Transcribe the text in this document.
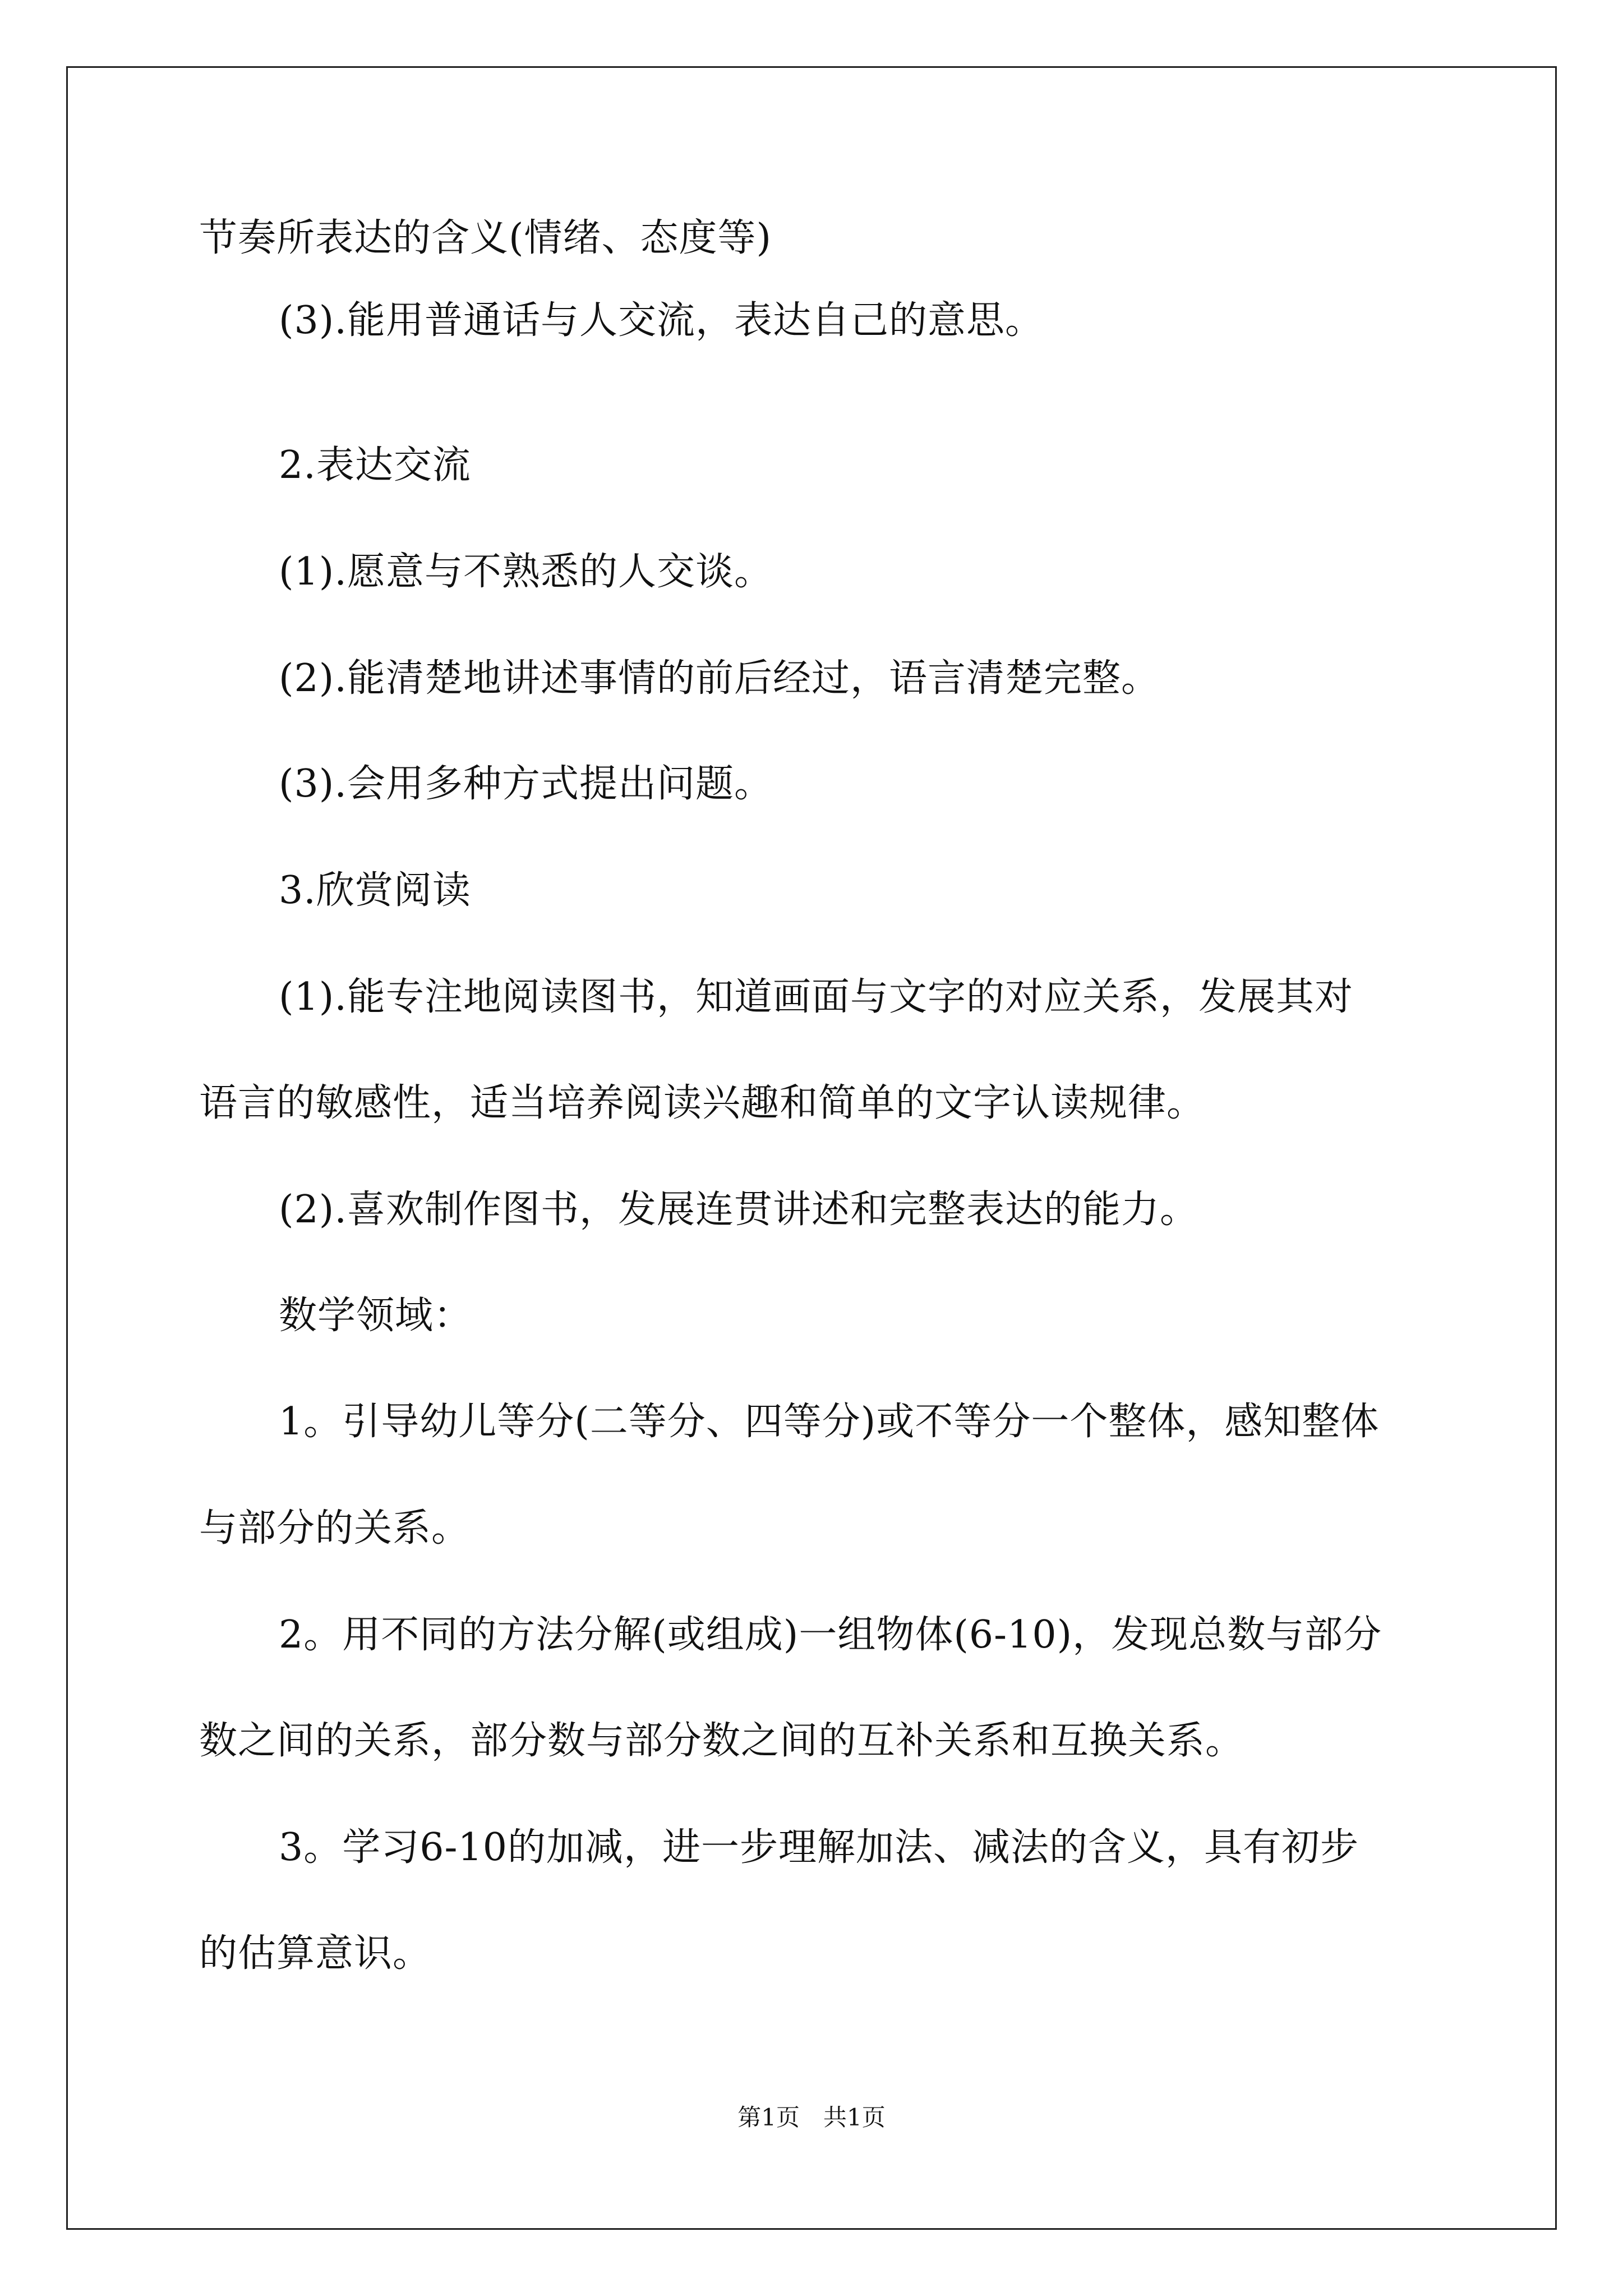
节奏所表达的含义(情绪、态度等)
(3).能用普通话与人交流，表达自己的意思。
2.表达交流
(1).愿意与不熟悉的人交谈。
(2).能清楚地讲述事情的前后经过，语言清楚完整。
(3).会用多种方式提出问题。
3.欣赏阅读
(1).能专注地阅读图书，知道画面与文字的对应关系，发展其对
语言的敏感性，适当培养阅读兴趣和简单的文字认读规律。
(2).喜欢制作图书，发展连贯讲述和完整表达的能力。
数学领域：
1。引导幼儿等分(二等分、四等分)或不等分一个整体，感知整体
与部分的关系。
2。用不同的方法分解(或组成)一组物体(6-10)，发现总数与部分
数之间的关系，部分数与部分数之间的互补关系和互换关系。
3。学习6-10的加减，进一步理解加法、减法的含义，具有初步
的估算意识。
第1页　共1页
